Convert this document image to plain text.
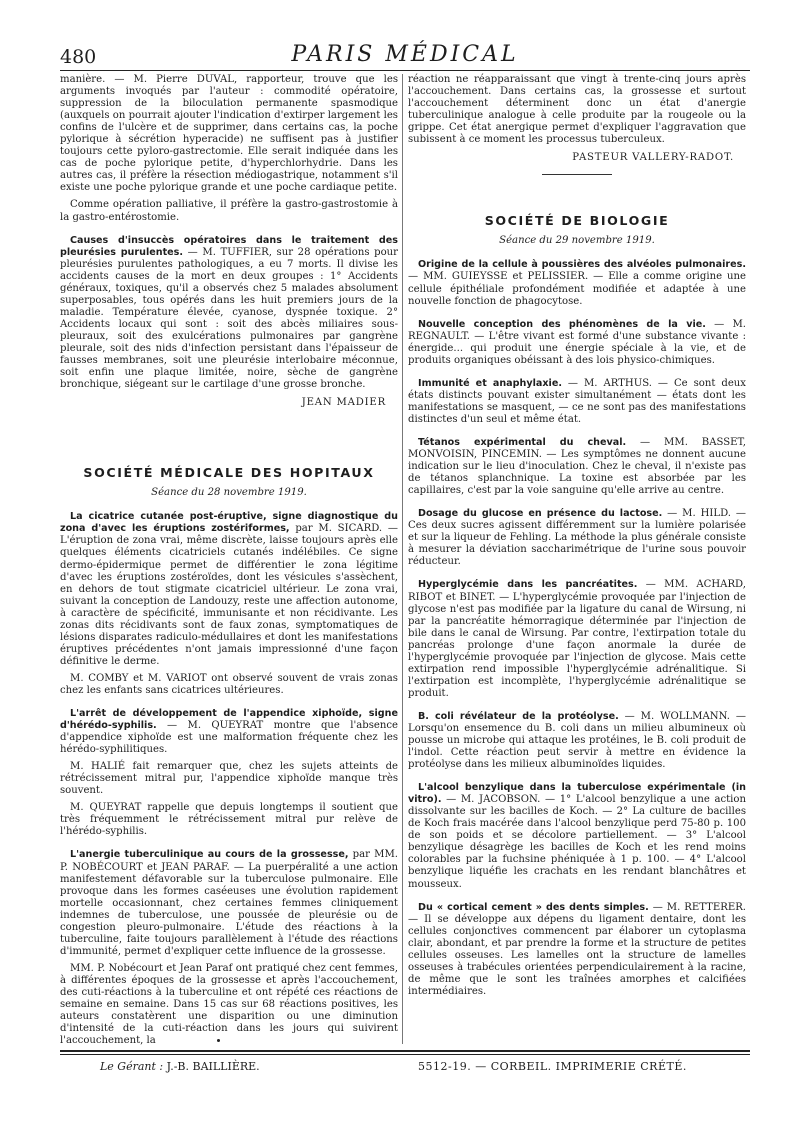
480	PARIS MÉDICAL

manière. — M. Pierre DUVAL, rapporteur, trouve que les arguments invoqués par l'auteur : commodité opératoire, suppression de la biloculation permanente spasmodique (auxquels on pourrait ajouter l'indication d'extirper largement les confins de l'ulcère et de supprimer, dans certains cas, la poche pylorique à sécrétion hyperacide) ne suffisent pas à justifier toujours cette pyloro-gastrectomie. Elle serait indiquée dans les cas de poche pylorique petite, d'hyperchlorhydrie. Dans les autres cas, il préfère la résection médiogastrique, notamment s'il existe une poche pylorique grande et une poche cardiaque petite.

Comme opération palliative, il préfère la gastro-gastrostomie à la gastro-entérostomie.

Causes d'insuccès opératoires dans le traitement des pleurésies purulentes. — M. TUFFIER, sur 28 opérations pour pleurésies purulentes pathologiques, a eu 7 morts. Il divise les accidents causes de la mort en deux groupes : 1° Accidents généraux, toxiques, qu'il a observés chez 5 malades absolument superposables, tous opérés dans les huit premiers jours de la maladie. Température élevée, cyanose, dyspnée toxique. 2° Accidents locaux qui sont : soit des abcès miliaires sous-pleuraux, soit des exulcérations pulmonaires par gangrène pleurale, soit des nids d'infection persistant dans l'épaisseur de fausses membranes, soit une pleurésie interlobaire méconnue, soit enfin une plaque limitée, noire, sèche de gangrène bronchique, siégeant sur le cartilage d'une grosse bronche.

JEAN MADIER
SOCIÉTÉ MÉDICALE DES HOPITAUX
Séance du 28 novembre 1919.

La cicatrice cutanée post-éruptive, signe diagnostique du zona d'avec les éruptions zostériformes, par M. SICARD. — L'éruption de zona vrai, même discrète, laisse toujours après elle quelques éléments cicatriciels cutanés indélébiles. Ce signe dermo-épidermique permet de différentier le zona légitime d'avec les éruptions zostéroïdes, dont les vésicules s'assèchent, en dehors de tout stigmate cicatriciel ultérieur. Le zona vrai, suivant la conception de Landouzy, reste une affection autonome, à caractère de spécificité, immunisante et non récidivante. Les zonas dits récidivants sont de faux zonas, symptomatiques de lésions disparates radiculo-médullaires et dont les manifestations éruptives précédentes n'ont jamais impressionné d'une façon définitive le derme.

M. COMBY et M. VARIOT ont observé souvent de vrais zonas chez les enfants sans cicatrices ultérieures.

L'arrêt de développement de l'appendice xiphoïde, signe d'hérédo-syphilis. — M. QUEYRAT montre que l'absence d'appendice xiphoïde est une malformation fréquente chez les hérédo-syphilitiques.

M. HALIÉ fait remarquer que, chez les sujets atteints de rétrécissement mitral pur, l'appendice xiphoïde manque très souvent.

M. QUEYRAT rappelle que depuis longtemps il soutient que très fréquemment le rétrécissement mitral pur relève de l'hérédo-syphilis.

L'anergie tuberculinique au cours de la grossesse, par MM. P. NOBÉCOURT et JEAN PARAF. — La puerpéralité a une action manifestement défavorable sur la tuberculose pulmonaire. Elle provoque dans les formes caséeuses une évolution rapidement mortelle occasionnant, chez certaines femmes cliniquement indemnes de tuberculose, une poussée de pleurésie ou de congestion pleuro-pulmonaire. L'étude des réactions à la tuberculine, faite toujours parallèlement à l'étude des réactions d'immunité, permet d'expliquer cette influence de la grossesse.

MM. P. Nobécourt et Jean Paraf ont pratiqué chez cent femmes, à différentes époques de la grossesse et après l'accouchement, des cuti-réactions à la tuberculine et ont répété ces réactions de semaine en semaine. Dans 15 cas sur 68 réactions positives, les auteurs constatèrent une disparition ou une diminution d'intensité de la cuti-réaction dans les jours qui suivirent l'accouchement, la

réaction ne réapparaissant que vingt à trente-cinq jours après l'accouchement. Dans certains cas, la grossesse et surtout l'accouchement déterminent donc un état d'anergie tuberculinique analogue à celle produite par la rougeole ou la grippe. Cet état anergique permet d'expliquer l'aggravation que subissent à ce moment les processus tuberculeux.

PASTEUR VALLERY-RADOT.
SOCIÉTÉ DE BIOLOGIE
Séance du 29 novembre 1919.

Origine de la cellule à poussières des alvéoles pulmonaires. — MM. GUIEYSSE et PELISSIER. — Elle a comme origine une cellule épithéliale profondément modifiée et adaptée à une nouvelle fonction de phagocytose.

Nouvelle conception des phénomènes de la vie. — M. REGNAULT. — L'être vivant est formé d'une substance vivante : énergide... qui produit une énergie spéciale à la vie, et de produits organiques obéissant à des lois physico-chimiques.

Immunité et anaphylaxie. — M. ARTHUS. — Ce sont deux états distincts pouvant exister simultanément — états dont les manifestations se masquent, — ce ne sont pas des manifestations distinctes d'un seul et même état.

Tétanos expérimental du cheval. — MM. BASSET, MONVOISIN, PINCEMIN. — Les symptômes ne donnent aucune indication sur le lieu d'inoculation. Chez le cheval, il n'existe pas de tétanos splanchnique. La toxine est absorbée par les capillaires, c'est par la voie sanguine qu'elle arrive au centre.

Dosage du glucose en présence du lactose. — M. HILD. — Ces deux sucres agissent différemment sur la lumière polarisée et sur la liqueur de Fehling. La méthode la plus générale consiste à mesurer la déviation saccharimétrique de l'urine sous pouvoir réducteur.

Hyperglycémie dans les pancréatites. — MM. ACHARD, RIBOT et BINET. — L'hyperglycémie provoquée par l'injection de glycose n'est pas modifiée par la ligature du canal de Wirsung, ni par la pancréatite hémorragique déterminée par l'injection de bile dans le canal de Wirsung. Par contre, l'extirpation totale du pancréas prolonge d'une façon anormale la durée de l'hyperglycémie provoquée par l'injection de glycose. Mais cette extirpation rend impossible l'hyperglycémie adrénalitique. Si l'extirpation est incomplète, l'hyperglycémie adrénalitique se produit.

B. coli révélateur de la protéolyse. — M. WOLLMANN. — Lorsqu'on ensemence du B. coli dans un milieu albumineux où pousse un microbe qui attaque les protéines, le B. coli produit de l'indol. Cette réaction peut servir à mettre en évidence la protéolyse dans les milieux albuminoïdes liquides.

L'alcool benzylique dans la tuberculose expérimentale (in vitro). — M. JACOBSON. — 1° L'alcool benzylique a une action dissolvante sur les bacilles de Koch. — 2° La culture de bacilles de Koch frais macérée dans l'alcool benzylique perd 75-80 p. 100 de son poids et se décolore partiellement. — 3° L'alcool benzylique désagrège les bacilles de Koch et les rend moins colorables par la fuchsine phéniquée à 1 p. 100. — 4° L'alcool benzylique liquéfie les crachats en les rendant blanchâtres et mousseux.

Du « cortical cement » des dents simples. — M. RETTERER. — Il se développe aux dépens du ligament dentaire, dont les cellules conjonctives commencent par élaborer un cytoplasma clair, abondant, et par prendre la forme et la structure de petites cellules osseuses. Les lamelles ont la structure de lamelles osseuses à trabécules orientées perpendiculairement à la racine, de même que le sont les traînées amorphes et calcifiées intermédiaires.

Le Gérant : J.-B. BAILLIÈRE.	5512-19. — CORBEIL. IMPRIMERIE CRÉTÉ.
